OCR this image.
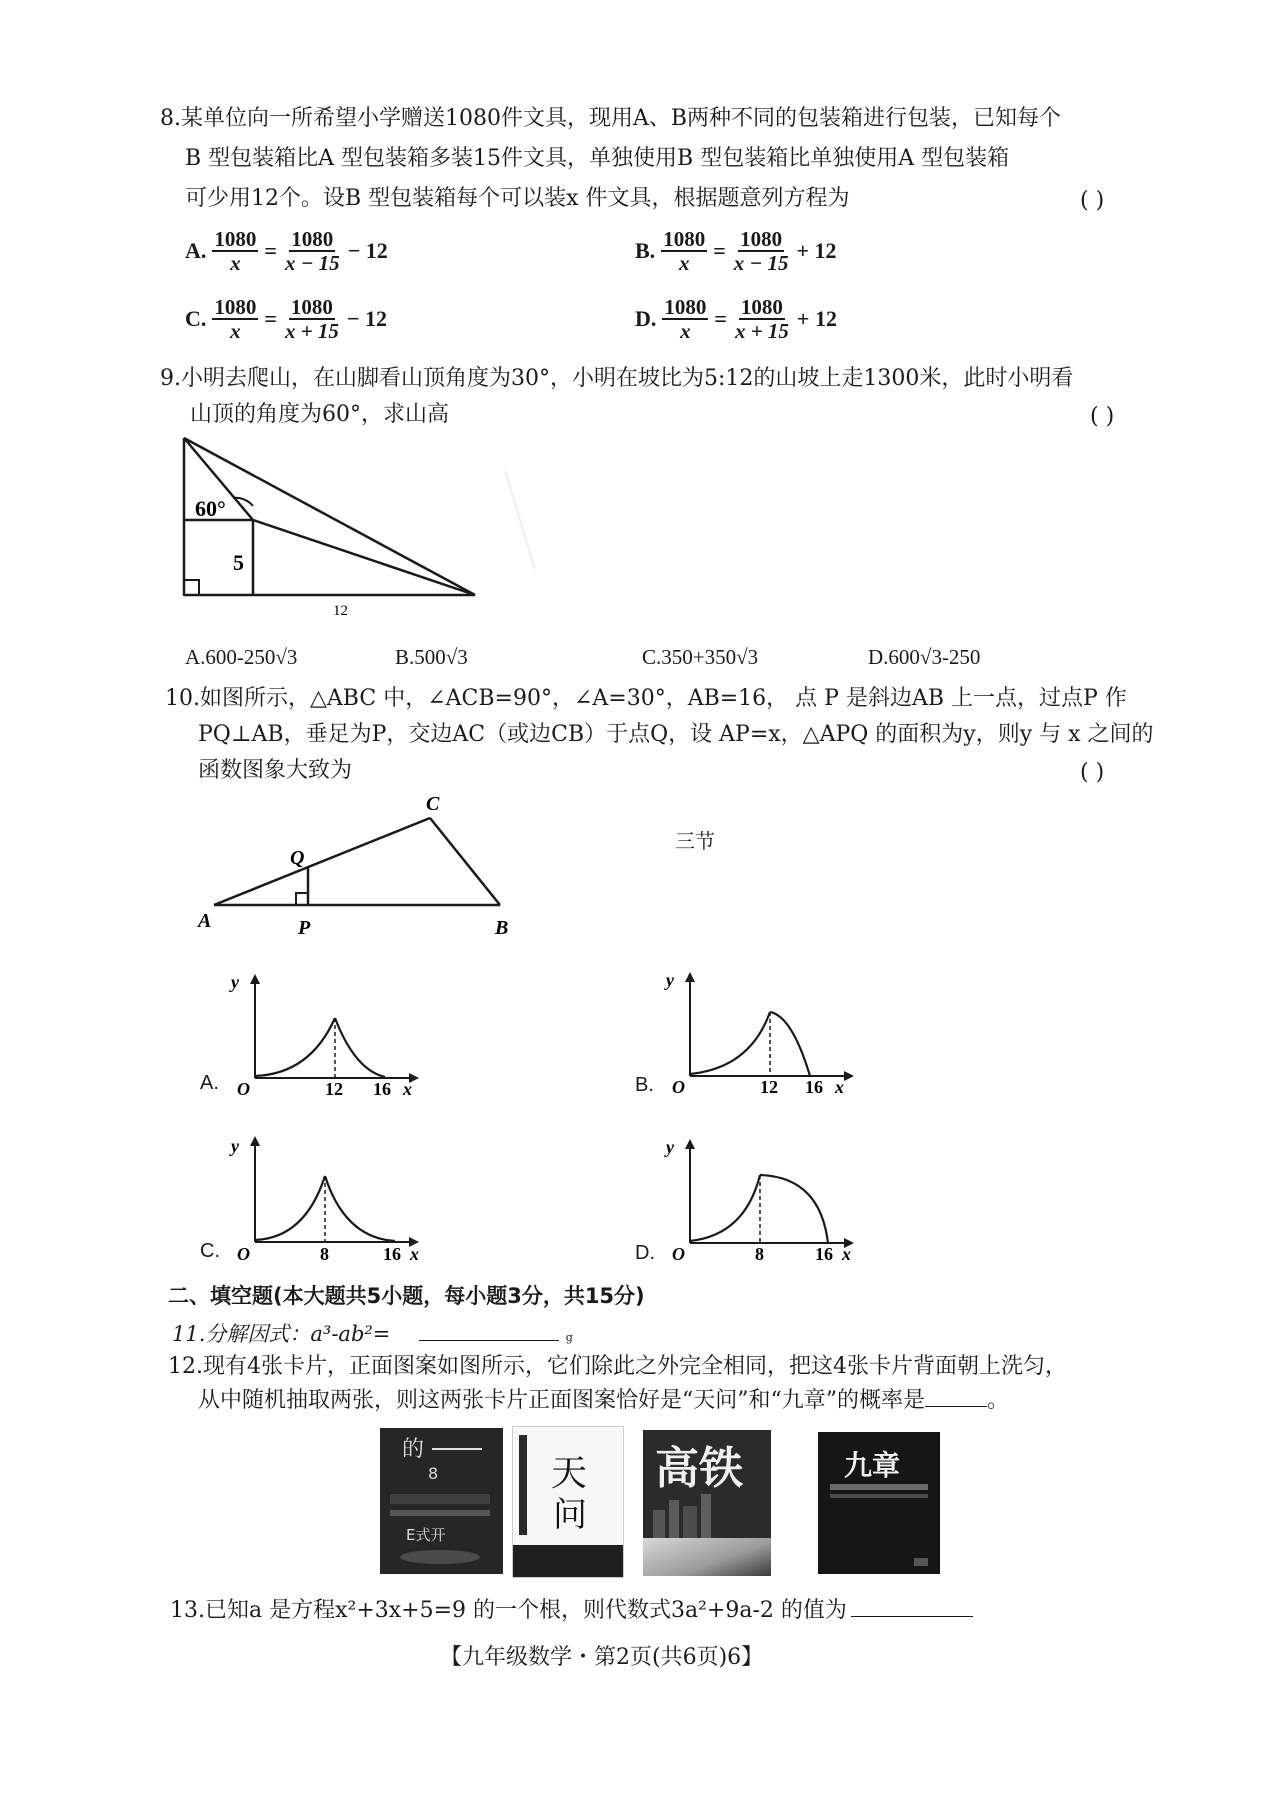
8.某单位向一所希望小学赠送1080件文具，现用A、B两种不同的包装箱进行包装，已知每个
B 型包装箱比A 型包装箱多装15件文具，单独使用B 型包装箱比单独使用A 型包装箱
可少用12个。设B 型包装箱每个可以装x 件文具，根据题意列方程为	( )
A. $\frac{1080}{x} = \frac{1080}{x - 15} - 12$	B. $\frac{1080}{x} = \frac{1080}{x - 15} + 12$
C. $\frac{1080}{x} = \frac{1080}{x + 15} - 12$	D. $\frac{1080}{x} = \frac{1080}{x + 15} + 12$
9.小明去爬山，在山脚看山顶角度为30°，小明在坡比为5:12的山坡上走1300米，此时小明看
山顶的角度为60°，求山高	( )
60°
5
12
A.600-250√3	B.500√3	C.350+350√3	D.600√3-250
10.如图所示，△ABC 中，∠ACB=90°，∠A=30°，AB=16， 点 P 是斜边AB 上一点，过点P 作
PQ⊥AB，垂足为P，交边AC（或边CB）于点Q，设 AP=x，△APQ 的面积为y，则y 与 x 之间的
函数图象大致为	( )
三节
A	B
C
P
Q
A.
y
O	12 16 x	B.
y
O	12 16 x
C.
y
O	8	16 x	D.
y
O	8	16 x
二、填空题(本大题共5小题，每小题3分，共15分)
11.分解因式：a³-ab²=	g
12.现有4张卡片，正面图案如图所示，它们除此之外完全相同，把这4张卡片背面朝上洗匀，
从中随机抽取两张，则这两张卡片正面图案恰好是“天问”和“九章”的概率是	。
的
8
E式开
天
问
高铁	九章
13.已知a 是方程x²+3x+5=9 的一个根，则代数式3a²+9a-2 的值为
【九年级数学・第2页(共6页)6】
